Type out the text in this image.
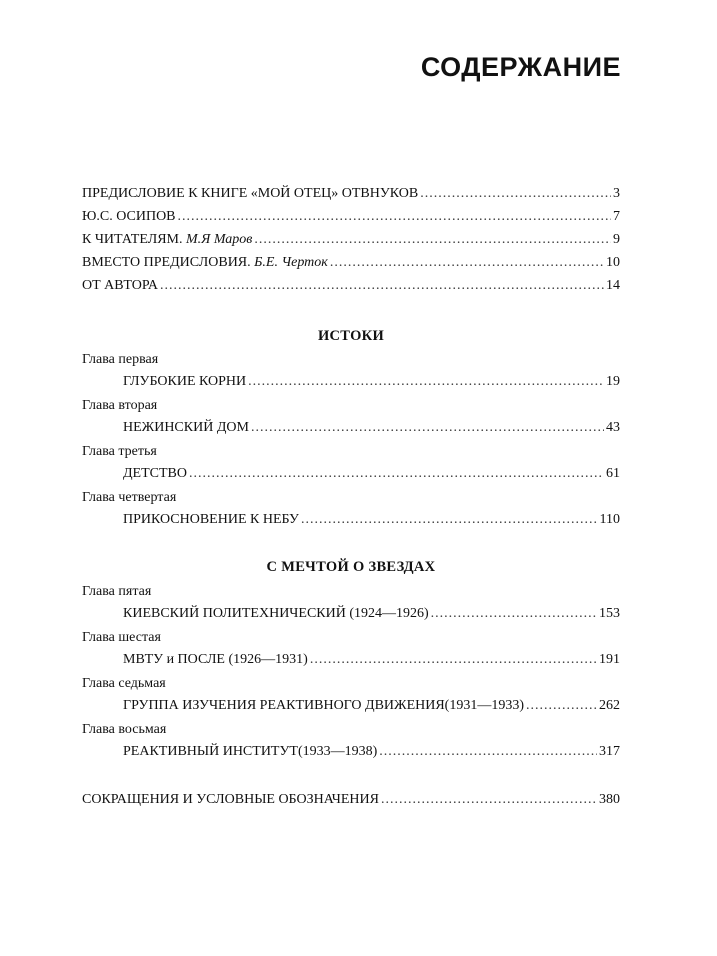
СОДЕРЖАНИЕ
ПРЕДИСЛОВИЕ К КНИГЕ «МОЙ ОТЕЦ» ОТВНУКОВ .....	3
Ю.С. ОСИПОВ .....	7
К ЧИТАТЕЛЯМ. М.Я Маров .....	9
ВМЕСТО ПРЕДИСЛОВИЯ. Б.Е. Черток .....	10
ОТ АВТОРА .....	14
ИСТОКИ
Глава первая
ГЛУБОКИЕ КОРНИ .....	19
Глава вторая
НЕЖИНСКИЙ ДОМ .....	43
Глава третья
ДЕТСТВО .....	61
Глава четвертая
ПРИКОСНОВЕНИЕ К НЕБУ .....	110
С МЕЧТОЙ О ЗВЕЗДАХ
Глава пятая
КИЕВСКИЙ ПОЛИТЕХНИЧЕСКИЙ (1924—1926) .....	153
Глава шестая
МВТУ и ПОСЛЕ (1926—1931) .....	191
Глава седьмая
ГРУППА ИЗУЧЕНИЯ РЕАКТИВНОГО ДВИЖЕНИЯ(1931—1933) .....	262
Глава восьмая
РЕАКТИВНЫЙ ИНСТИТУТ(1933—1938) .....	317
СОКРАЩЕНИЯ И УСЛОВНЫЕ ОБОЗНАЧЕНИЯ .....	380
